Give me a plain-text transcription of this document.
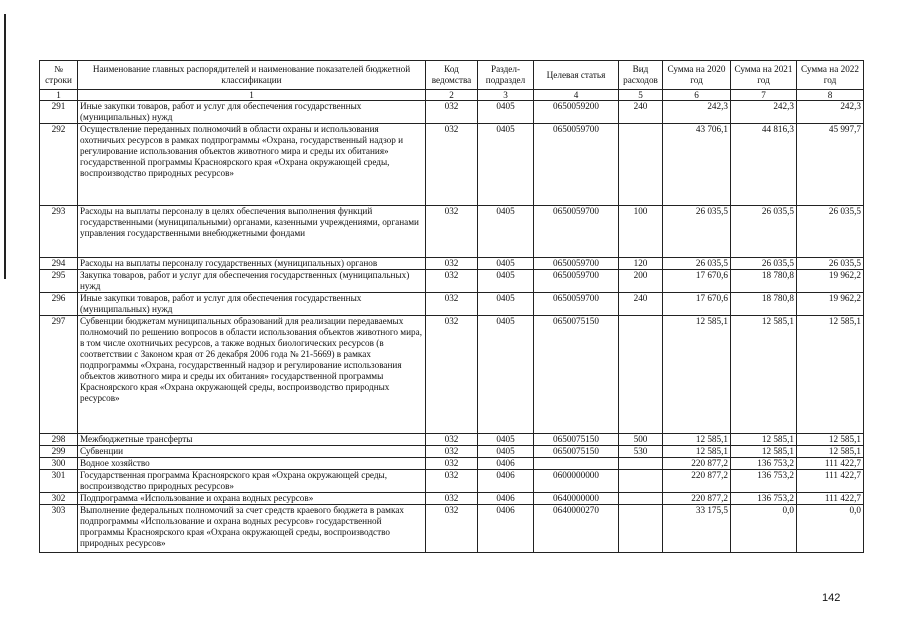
№ строки	Наименование главных распорядителей и наименование показателей бюджетной классификации	Код ведомства	Раздел-подраздел	Целевая статья	Вид расходов	Сумма на 2020 год	Сумма на 2021 год	Сумма на 2022 год
1	1	2	3	4	5	6	7	8
291	Иные закупки товаров, работ и услуг для обеспечения государственных (муниципальных) нужд	032	0405	0650059200	240	242,3	242,3	242,3
292	Осуществление переданных полномочий в области охраны и использования охотничьих ресурсов в рамках подпрограммы «Охрана, государственный надзор и регулирование использования объектов животного мира и среды их обитания» государственной программы Красноярского края «Охрана окружающей среды, воспроизводство природных ресурсов»	032	0405	0650059700		43 706,1	44 816,3	45 997,7
293	Расходы на выплаты персоналу в целях обеспечения выполнения функций государственными (муниципальными) органами, казенными учреждениями, органами управления государственными внебюджетными фондами	032	0405	0650059700	100	26 035,5	26 035,5	26 035,5
294	Расходы на выплаты персоналу государственных (муниципальных) органов	032	0405	0650059700	120	26 035,5	26 035,5	26 035,5
295	Закупка товаров, работ и услуг для обеспечения государственных (муниципальных) нужд	032	0405	0650059700	200	17 670,6	18 780,8	19 962,2
296	Иные закупки товаров, работ и услуг для обеспечения государственных (муниципальных) нужд	032	0405	0650059700	240	17 670,6	18 780,8	19 962,2
297	Субвенции бюджетам муниципальных образований для реализации передаваемых полномочий по решению вопросов в области использования объектов животного мира, в том числе охотничьих ресурсов, а также водных биологических ресурсов (в соответствии с Законом края от 26 декабря 2006 года № 21-5669) в рамках подпрограммы «Охрана, государственный надзор и регулирование использования объектов животного мира и среды их обитания» государственной программы Красноярского края «Охрана окружающей среды, воспроизводство природных ресурсов»	032	0405	0650075150		12 585,1	12 585,1	12 585,1
298	Межбюджетные трансферты	032	0405	0650075150	500	12 585,1	12 585,1	12 585,1
299	Субвенции	032	0405	0650075150	530	12 585,1	12 585,1	12 585,1
300	Водное хозяйство	032	0406			220 877,2	136 753,2	111 422,7
301	Государственная программа Красноярского края «Охрана окружающей среды, воспроизводство природных ресурсов»	032	0406	0600000000		220 877,2	136 753,2	111 422,7
302	Подпрограмма «Использование и охрана водных ресурсов»	032	0406	0640000000		220 877,2	136 753,2	111 422,7
303	Выполнение федеральных полномочий за счет средств краевого бюджета в рамках подпрограммы «Использование и охрана водных ресурсов» государственной программы Красноярского края «Охрана окружающей среды, воспроизводство природных ресурсов»	032	0406	0640000270		33 175,5	0,0	0,0
142
